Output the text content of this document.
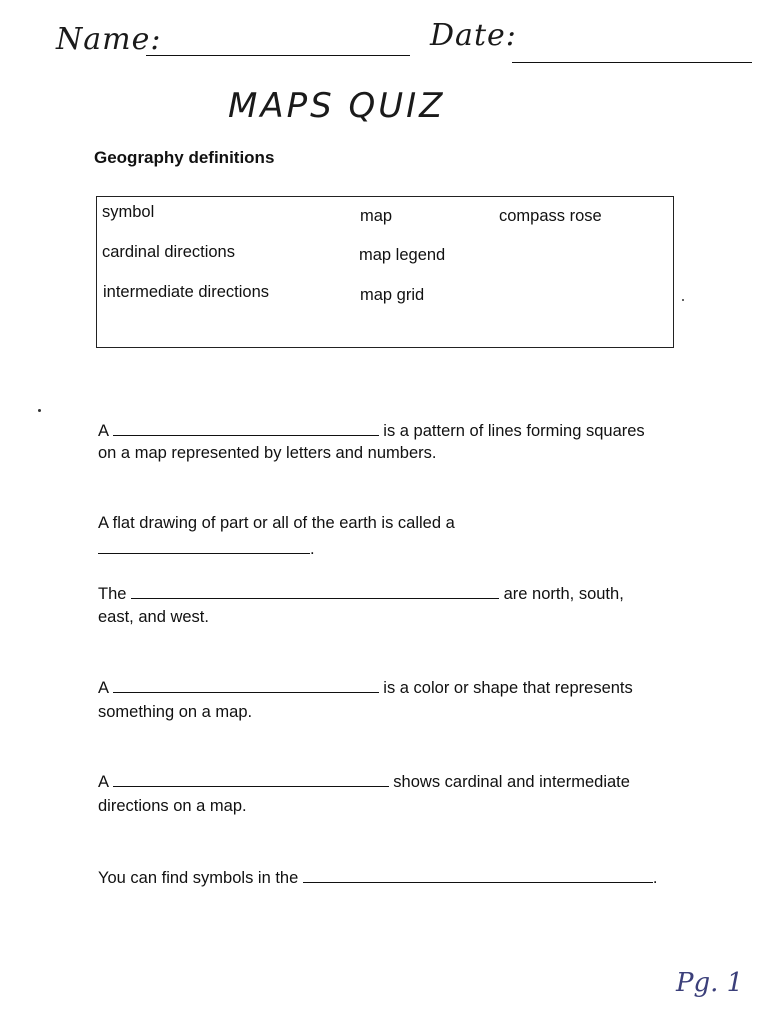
Name:	Date:
MAPS QUIZ
Geography definitions
symbol	map	compass rose
cardinal directions	map legend
intermediate directions	map grid
A	is a pattern of lines forming squares
on a map represented by letters and numbers.
A flat drawing of part or all of the earth is called a
.
The	are north, south,
east, and west.
A	is a color or shape that represents
something on a map.
A	shows cardinal and intermediate
directions on a map.
You can find symbols in the	.
Pg. 1
